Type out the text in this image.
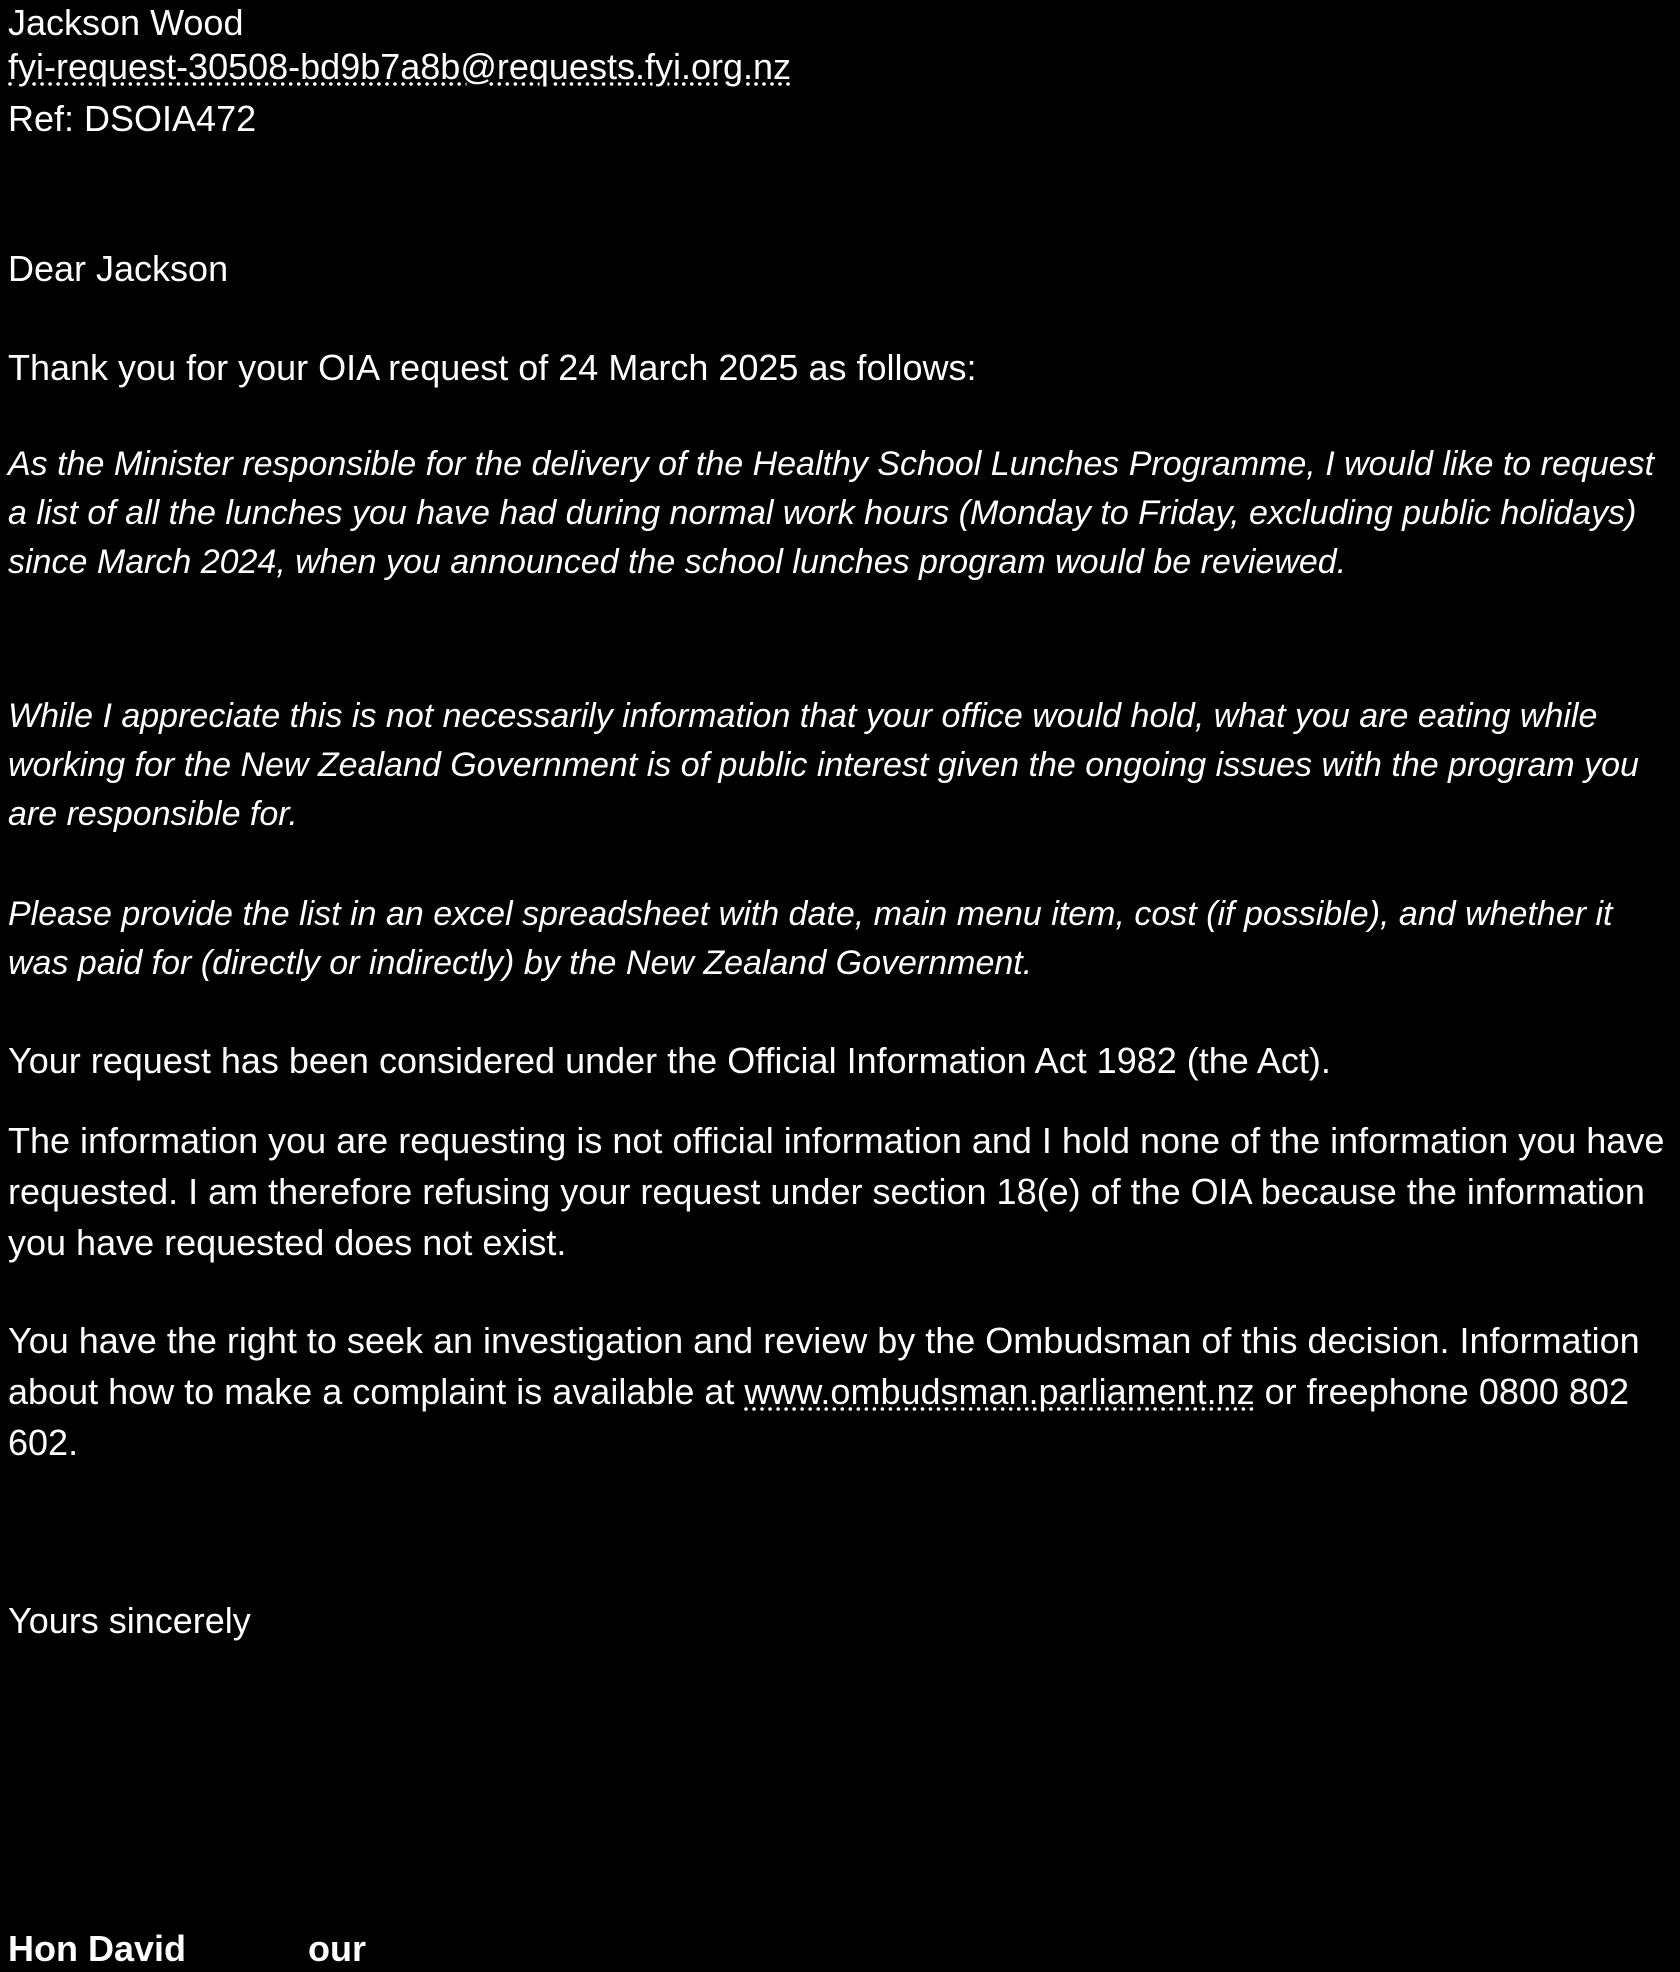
Jackson Wood

fyi-request-30508-bd9b7a8b@requests.fyi.org.nz

Ref: DSOIA472

Dear Jackson

Thank you for your OIA request of 24 March 2025 as follows:

As the Minister responsible for the delivery of the Healthy School Lunches Programme, I would like to request a list of all the lunches you have had during normal work hours (Monday to Friday, excluding public holidays) since March 2024, when you announced the school lunches program would be reviewed.

While I appreciate this is not necessarily information that your office would hold, what you are eating while working for the New Zealand Government is of public interest given the ongoing issues with the program you are responsible for.

Please provide the list in an excel spreadsheet with date, main menu item, cost (if possible), and whether it was paid for (directly or indirectly) by the New Zealand Government.

Your request has been considered under the Official Information Act 1982 (the Act).

The information you are requesting is not official information and I hold none of the information you have requested. I am therefore refusing your request under section 18(e) of the OIA because the information you have requested does not exist.

You have the right to seek an investigation and review by the Ombudsman of this decision. Information about how to make a complaint is available at www.ombudsman.parliament.nz or freephone 0800 802 602.

Yours sincerely

Hon David	our
